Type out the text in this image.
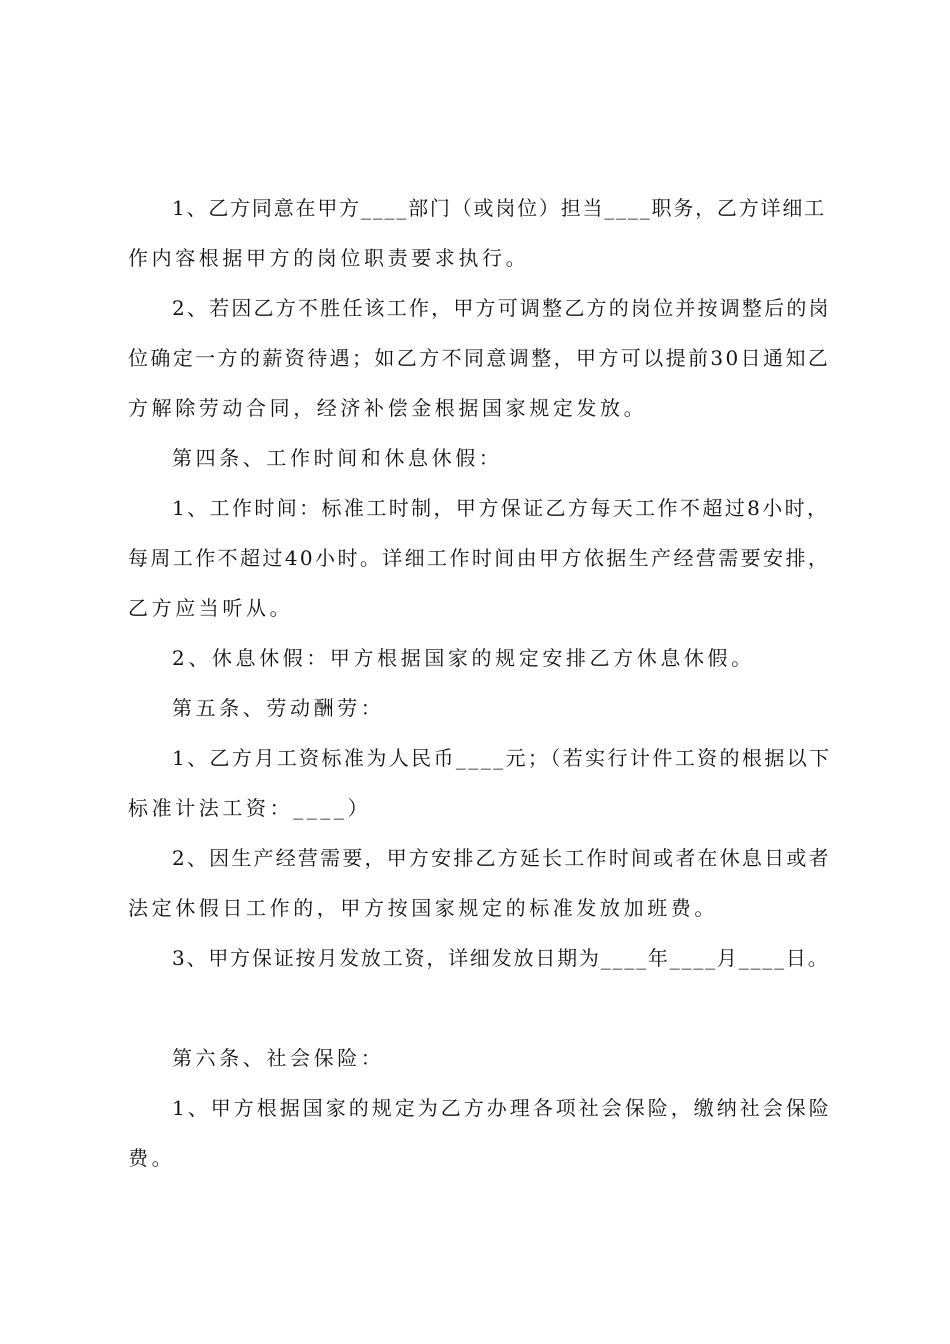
1、乙方同意在甲方____部门（或岗位）担当____职务，乙方详细工
作内容根据甲方的岗位职责要求执行。
2、若因乙方不胜任该工作，甲方可调整乙方的岗位并按调整后的岗
位确定一方的薪资待遇；如乙方不同意调整，甲方可以提前30日通知乙
方解除劳动合同，经济补偿金根据国家规定发放。
第四条、工作时间和休息休假：
1、工作时间：标准工时制，甲方保证乙方每天工作不超过8小时，
每周工作不超过40小时。详细工作时间由甲方依据生产经营需要安排，
乙方应当听从。
2、休息休假：甲方根据国家的规定安排乙方休息休假。
第五条、劳动酬劳：
1、乙方月工资标准为人民币____元；（若实行计件工资的根据以下
标准计法工资：____）
2、因生产经营需要，甲方安排乙方延长工作时间或者在休息日或者
法定休假日工作的，甲方按国家规定的标准发放加班费。
3、甲方保证按月发放工资，详细发放日期为____年____月____日。
第六条、社会保险：
1、甲方根据国家的规定为乙方办理各项社会保险，缴纳社会保险
费。
